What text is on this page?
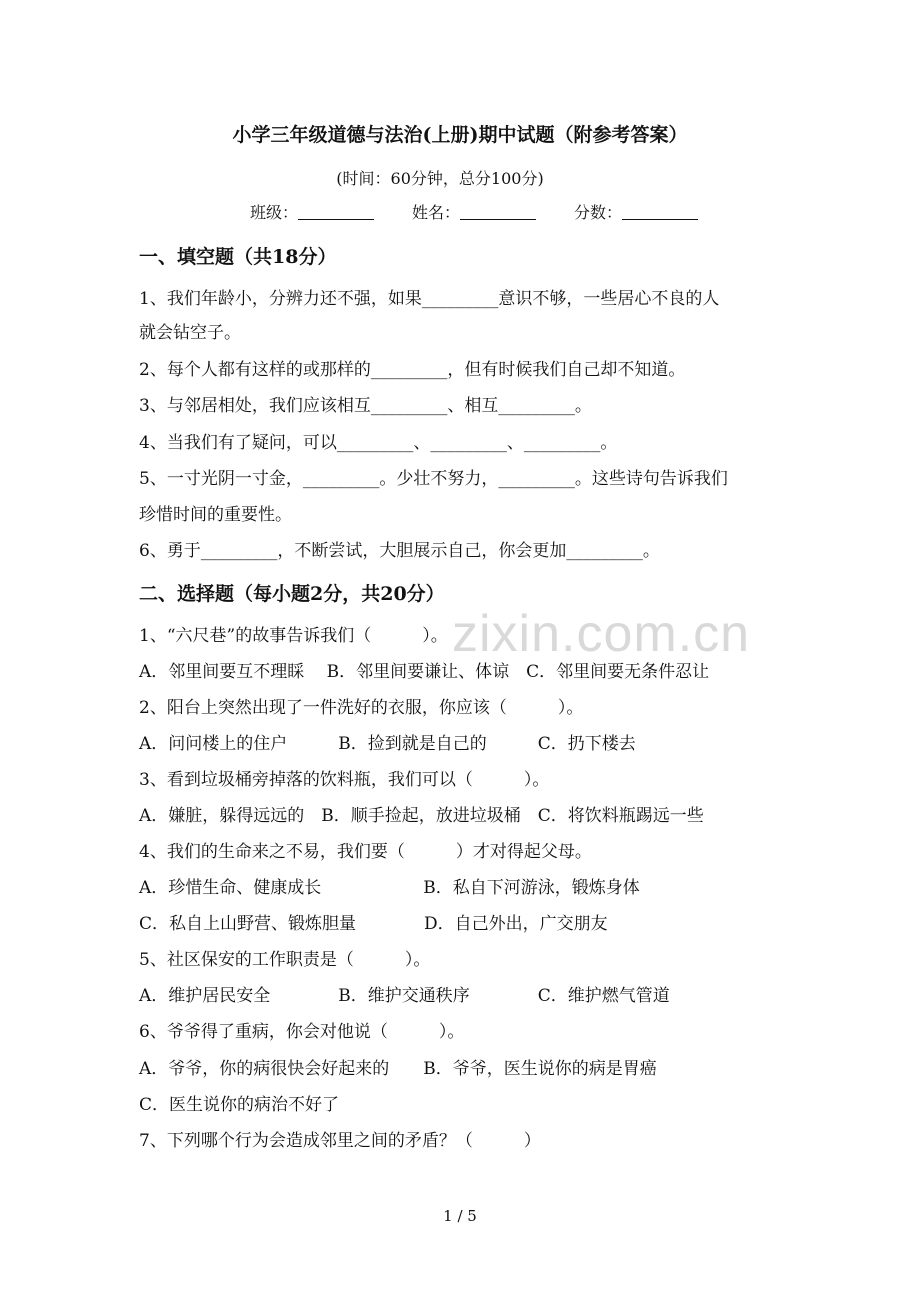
小学三年级道德与法治(上册)期中试题（附参考答案）
(时间：60分钟，总分100分)
班级：	姓名：	分数：
一、填空题（共18分）

1、我们年龄小，分辨力还不强，如果_________意识不够，一些居心不良的人

就会钻空子。

2、每个人都有这样的或那样的_________，但有时候我们自己却不知道。

3、与邻居相处，我们应该相互_________、相互_________。

4、当我们有了疑问，可以_________、_________、_________。

5、一寸光阴一寸金，_________。少壮不努力，_________。这些诗句告诉我们

珍惜时间的重要性。

6、勇于_________，不断尝试，大胆展示自己，你会更加_________。

zixin.com.cn
二、选择题（每小题2分，共20分）

1、“六尺巷”的故事告诉我们（　　　）。

A．邻里间要互不理睬　 B．邻里间要谦让、体谅　C．邻里间要无条件忍让

2、阳台上突然出现了一件洗好的衣服，你应该（　　　）。

A．问问楼上的住户　　　B．捡到就是自己的　　　C．扔下楼去

3、看到垃圾桶旁掉落的饮料瓶，我们可以（　　　）。

A．嫌脏，躲得远远的　B．顺手捡起，放进垃圾桶　C．将饮料瓶踢远一些

4、我们的生命来之不易，我们要（　　　）才对得起父母。

A．珍惜生命、健康成长　　　　　　B．私自下河游泳，锻炼身体

C．私自上山野营、锻炼胆量　　　　D．自己外出，广交朋友

5、社区保安的工作职责是（　　　）。

A．维护居民安全　　　　B．维护交通秩序　　　　C．维护燃气管道

6、爷爷得了重病，你会对他说（　　　）。

A．爷爷，你的病很快会好起来的　　B．爷爷，医生说你的病是胃癌

C．医生说你的病治不好了

7、下列哪个行为会造成邻里之间的矛盾？（　　　）

1 / 5
